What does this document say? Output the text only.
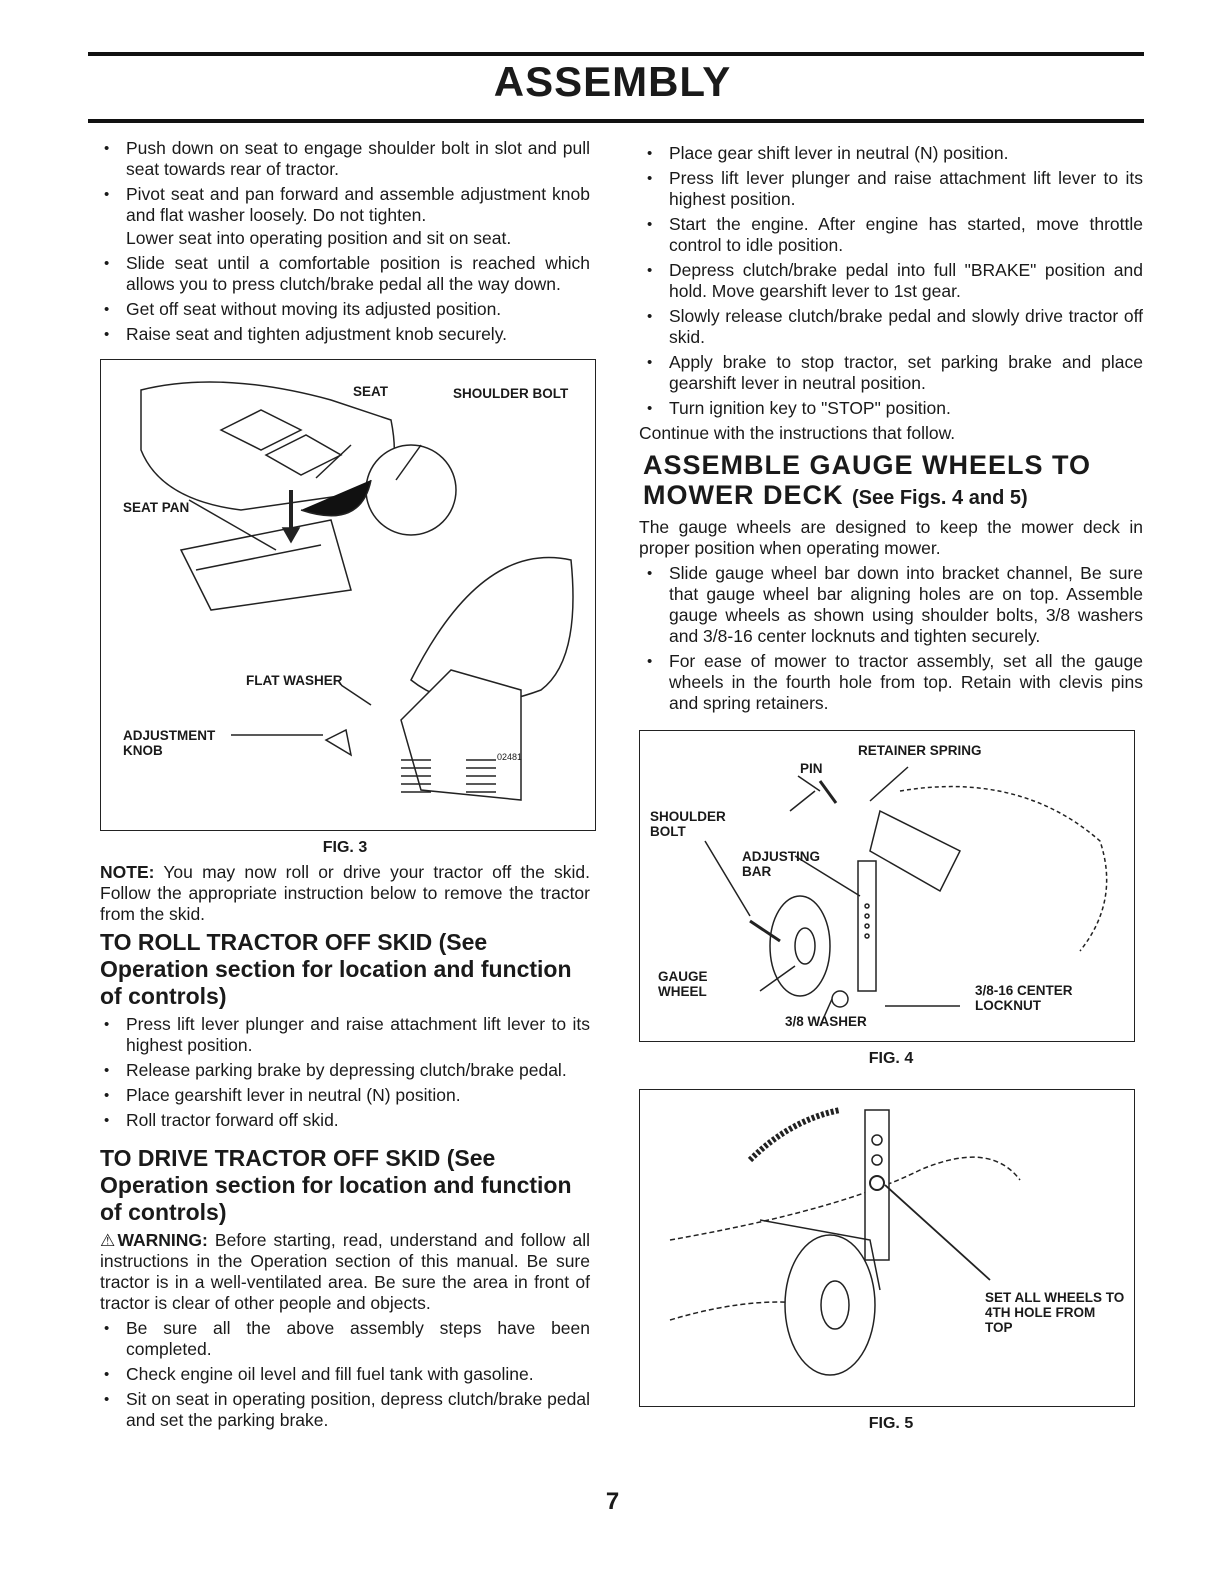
ASSEMBLY
• Push down on seat to engage shoulder bolt in slot and pull seat towards rear of tractor.
• Pivot seat and pan forward and assemble adjustment knob and flat washer loosely. Do not tighten.
Lower seat into operating position and sit on seat.
• Slide seat until a comfortable position is reached which allows you to press clutch/brake pedal all the way down.
• Get off seat without moving its adjusted position.
• Raise seat and tighten adjustment knob securely.
SEAT	SHOULDER BOLT
SEAT PAN
FLAT WASHER
ADJUSTMENT KNOB	02481
FIG. 3

NOTE: You may now roll or drive your tractor off the skid. Follow the appropriate instruction below to remove the tractor from the skid.

TO ROLL TRACTOR OFF SKID (See Operation section for location and function of controls)
• Press lift lever plunger and raise attachment lift lever to its highest position.
• Release parking brake by depressing clutch/brake pedal.
• Place gearshift lever in neutral (N) position.
• Roll tractor forward off skid.
TO DRIVE TRACTOR OFF SKID (See Operation section for location and function of controls)

⚠WARNING: Before starting, read, understand and follow all instructions in the Operation section of this manual. Be sure tractor is in a well-ventilated area. Be sure the area in front of tractor is clear of other people and objects.

• Be sure all the above assembly steps have been completed.
• Check engine oil level and fill fuel tank with gasoline.
• Sit on seat in operating position, depress clutch/brake pedal and set the parking brake.
• Place gear shift lever in neutral (N) position.
• Press lift lever plunger and raise attachment lift lever to its highest position.
• Start the engine. After engine has started, move throttle control to idle position.
• Depress clutch/brake pedal into full "BRAKE" position and hold. Move gearshift lever to 1st gear.
• Slowly release clutch/brake pedal and slowly drive tractor off skid.
• Apply brake to stop tractor, set parking brake and place gearshift lever in neutral position.
• Turn ignition key to "STOP" position.

Continue with the instructions that follow.

ASSEMBLE GAUGE WHEELS TO MOWER DECK (See Figs. 4 and 5)

The gauge wheels are designed to keep the mower deck in proper position when operating mower.

• Slide gauge wheel bar down into bracket channel, Be sure that gauge wheel bar aligning holes are on top. Assemble gauge wheels as shown using shoulder bolts, 3/8 washers and 3/8-16 center locknuts and tighten securely.
• For ease of mower to tractor assembly, set all the gauge wheels in the fourth hole from top. Retain with clevis pins and spring retainers.
RETAINER SPRING
PIN
SHOULDER BOLT
ADJUSTING BAR
GAUGE WHEEL	3/8-16 CENTER LOCKNUT
3/8 WASHER
FIG. 4
SET ALL WHEELS TO 4TH HOLE FROM TOP
FIG. 5
7
